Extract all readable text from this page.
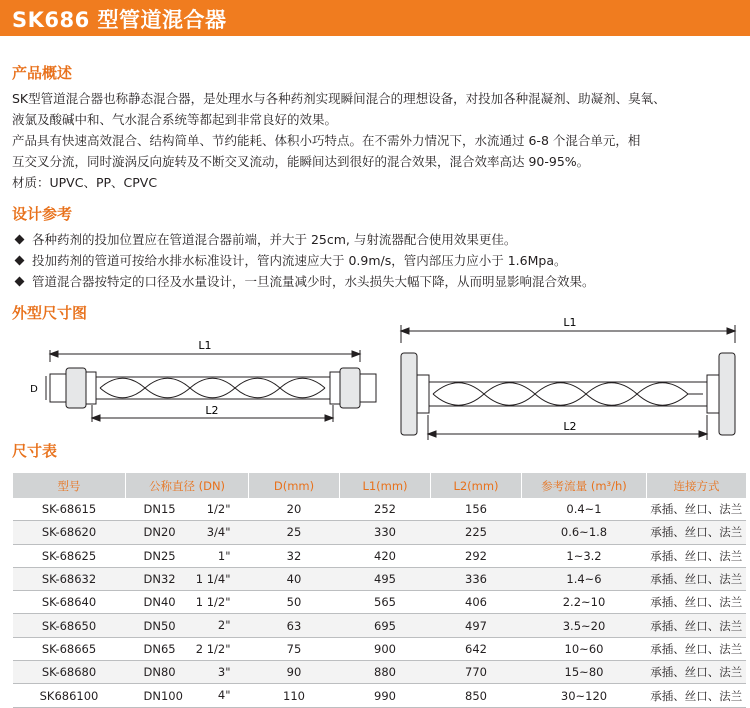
SK686 型管道混合器
产品概述
SK型管道混合器也称静态混合器，是处理水与各种药剂实现瞬间混合的理想设备，对投加各种混凝剂、助凝剂、臭氧、
液氯及酸碱中和、气水混合系统等都起到非常良好的效果。
产品具有快速高效混合、结构简单、节约能耗、体积小巧特点。在不需外力情况下，水流通过 6-8 个混合单元，相
互交叉分流，同时漩涡反向旋转及不断交叉流动，能瞬间达到很好的混合效果，混合效率高达 90-95%。
材质：UPVC、PP、CPVC
设计参考
各种药剂的投加位置应在管道混合器前端，并大于 25cm, 与射流器配合使用效果更佳。
投加药剂的管道可按给水排水标准设计，管内流速应大于 0.9m/s，管内部压力应小于 1.6Mpa。
管道混合器按特定的口径及水量设计，一旦流量减少时，水头损失大幅下降，从而明显影响混合效果。
外型尺寸图
L1
L2
D
L1
L2
尺寸表
型号	公称直径 (DN)	D(mm)	L1(mm)	L2(mm)	参考流量 (m³/h)	连接方式
SK-68615	DN15 1/2"	20	252	156	0.4~1	承插、丝口、法兰
SK-68620	DN20 3/4"	25	330	225	0.6~1.8	承插、丝口、法兰
SK-68625	DN25 1"	32	420	292	1~3.2	承插、丝口、法兰
SK-68632	DN32 1 1/4"	40	495	336	1.4~6	承插、丝口、法兰
SK-68640	DN40 1 1/2"	50	565	406	2.2~10	承插、丝口、法兰
SK-68650	DN50 2"	63	695	497	3.5~20	承插、丝口、法兰
SK-68665	DN65 2 1/2"	75	900	642	10~60	承插、丝口、法兰
SK-68680	DN80 3"	90	880	770	15~80	承插、丝口、法兰
SK686100	DN100 4"	110	990	850	30~120	承插、丝口、法兰
